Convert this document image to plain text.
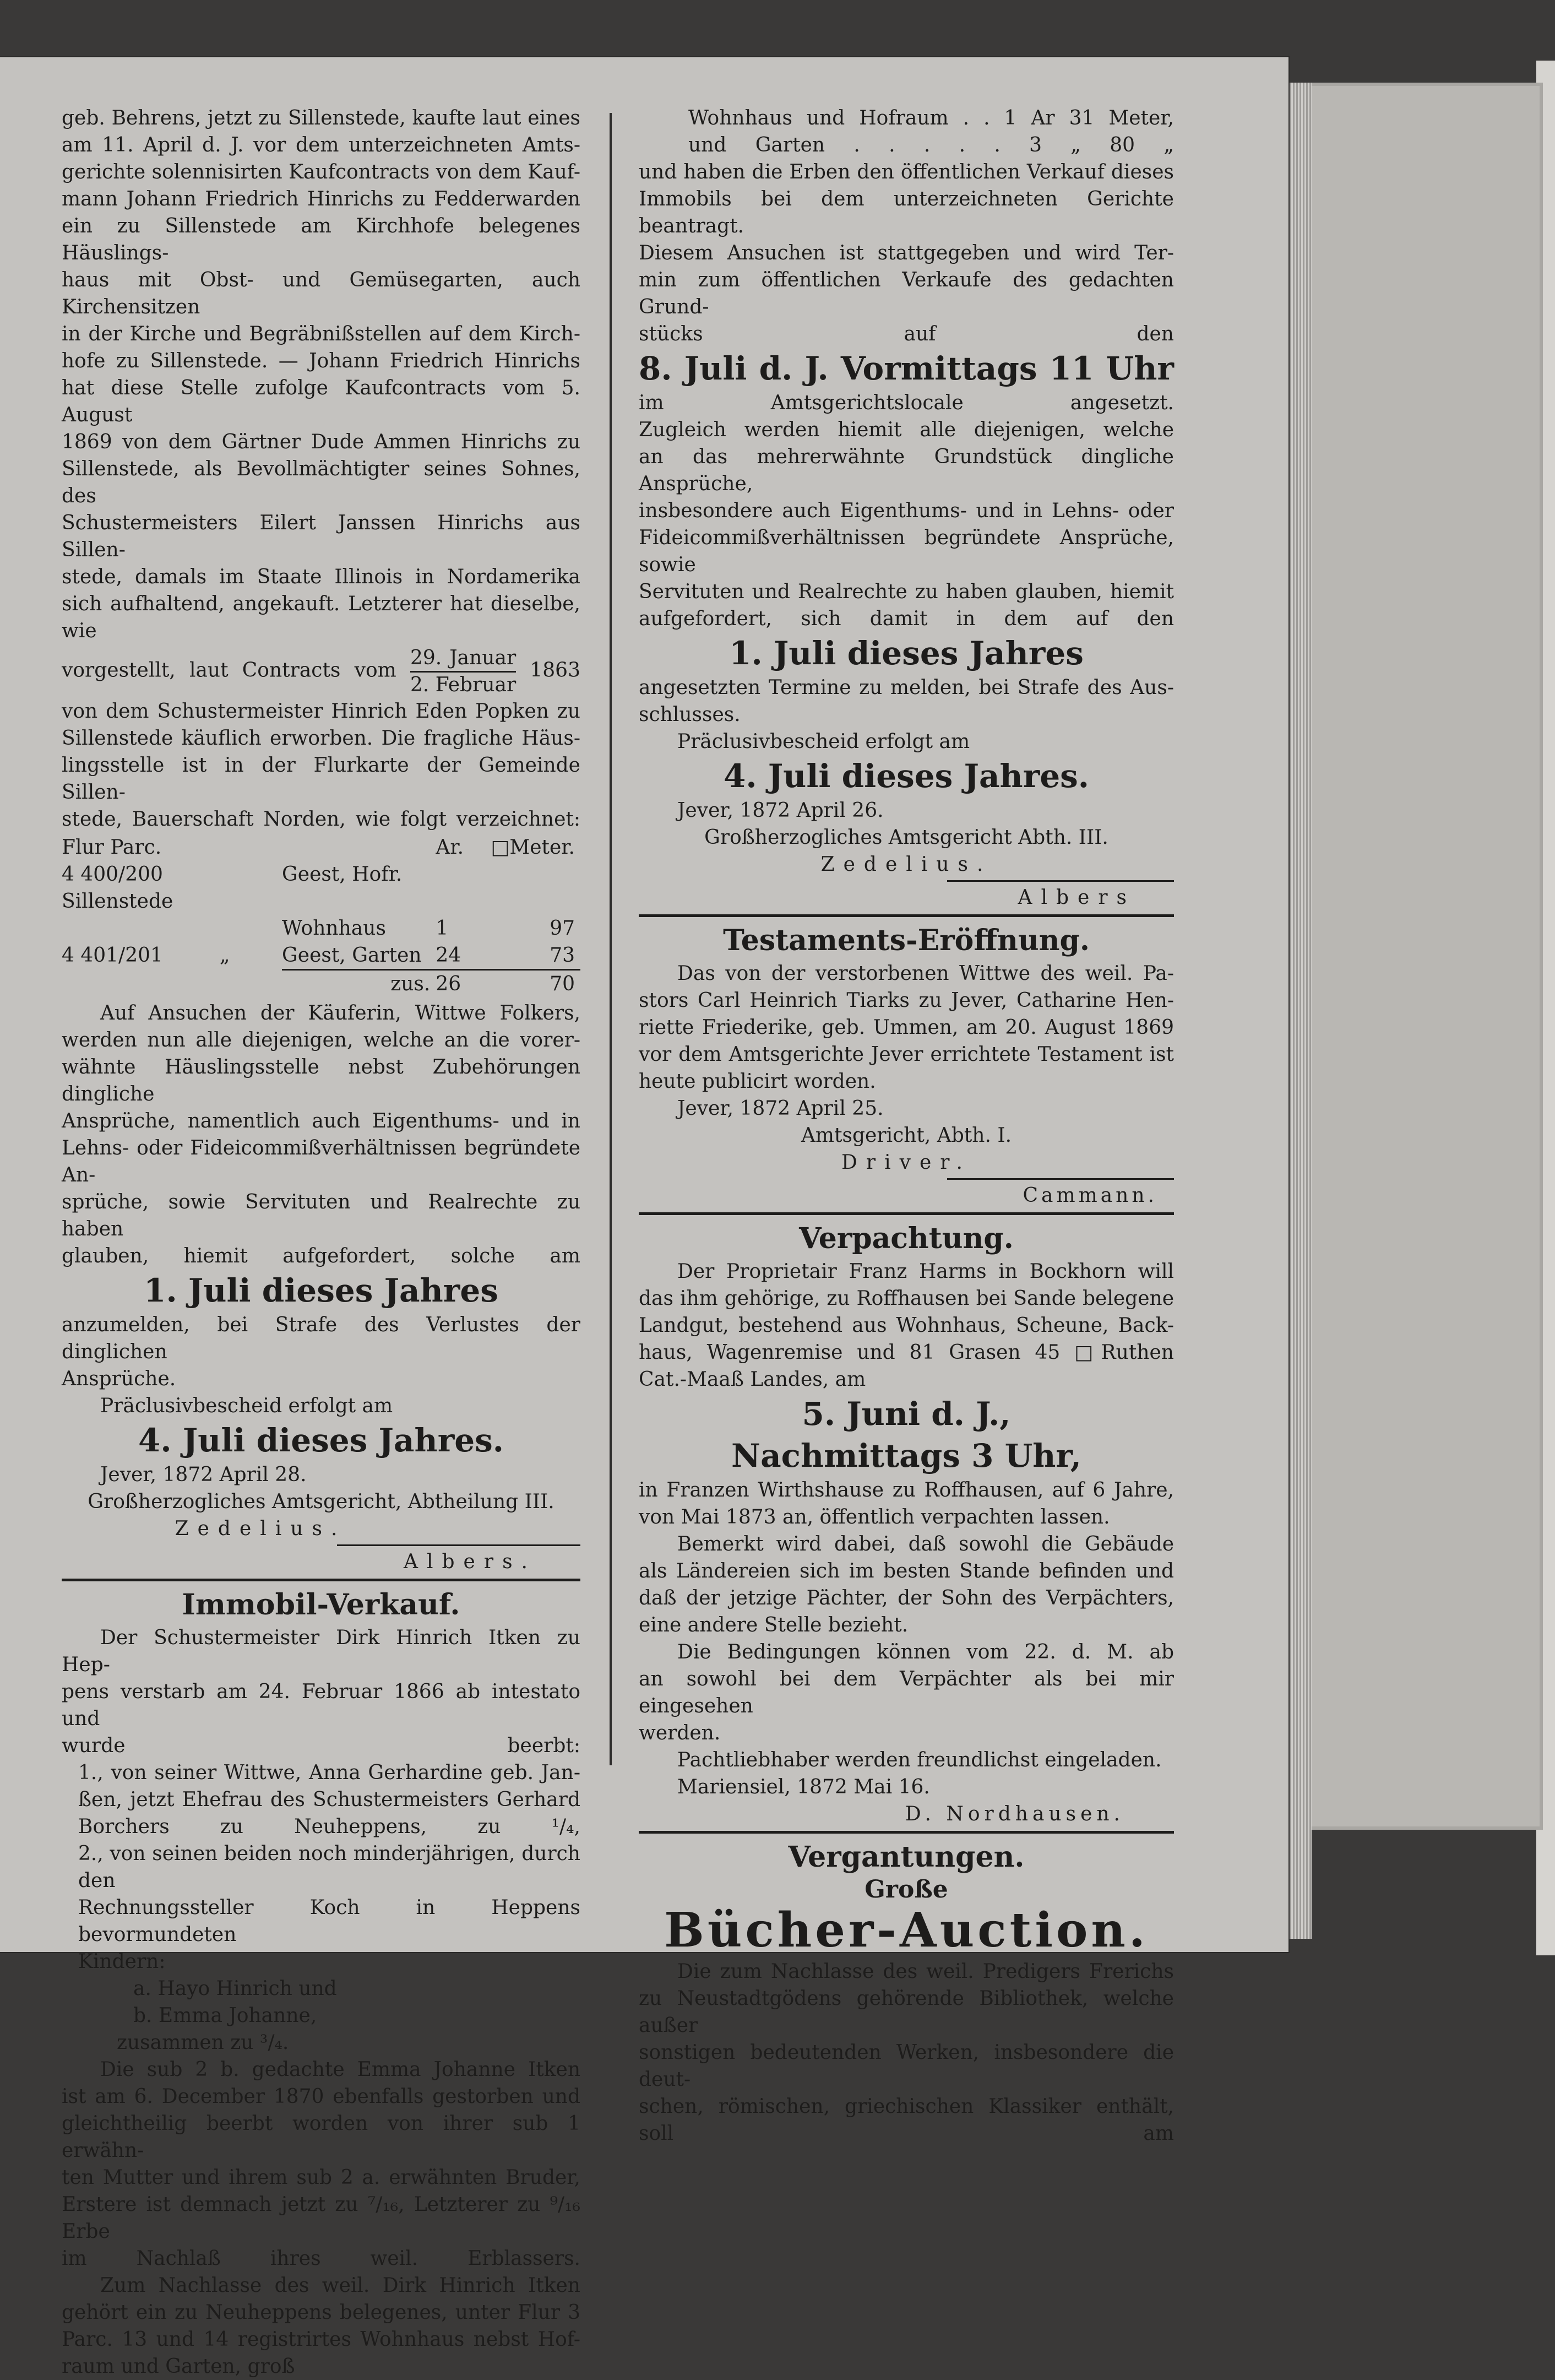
geb. Behrens, jetzt zu Sillenstede, kaufte laut eines

am 11. April d. J. vor dem unterzeichneten Amts-

gerichte solennisirten Kaufcontracts von dem Kauf-

mann Johann Friedrich Hinrichs zu Fedderwarden

ein zu Sillenstede am Kirchhofe belegenes Häuslings-

haus mit Obst- und Gemüsegarten, auch Kirchensitzen

in der Kirche und Begräbnißstellen auf dem Kirch-

hofe zu Sillenstede. — Johann Friedrich Hinrichs

hat diese Stelle zufolge Kaufcontracts vom 5. August

1869 von dem Gärtner Dude Ammen Hinrichs zu

Sillenstede, als Bevollmächtigter seines Sohnes, des

Schustermeisters Eilert Janssen Hinrichs aus Sillen-

stede, damals im Staate Illinois in Nordamerika

sich aufhaltend, angekauft. Letzterer hat dieselbe, wie

vorgestellt, laut Contracts vom $\frac{\text{29. Januar}}{\text{2. Februar}} 1863$

von dem Schustermeister Hinrich Eden Popken zu

Sillenstede käuflich erworben. Die fragliche Häus-

lingsstelle ist in der Flurkarte der Gemeinde Sillen-

stede, Bauerschaft Norden, wie folgt verzeichnet:

Flur Parc.		Ar.	□Meter.
4 400/200 Sillenstede	Geest, Hofr.		
	Wohnhaus	1	97
4 401/201 „	Geest, Garten	24	73
	zus.	26	70

Auf Ansuchen der Käuferin, Wittwe Folkers,

werden nun alle diejenigen, welche an die vorer-

wähnte Häuslingsstelle nebst Zubehörungen dingliche

Ansprüche, namentlich auch Eigenthums- und in

Lehns- oder Fideicommißverhältnissen begründete An-

sprüche, sowie Servituten und Realrechte zu haben

glauben, hiemit aufgefordert, solche am

1. Juli dieses Jahres

anzumelden, bei Strafe des Verlustes der dinglichen

Ansprüche.

Präclusivbescheid erfolgt am

4. Juli dieses Jahres.

Jever, 1872 April 28.

Großherzogliches Amtsgericht, Abtheilung III.

Zedelius.

Albers.

Immobil-Verkauf.

Der Schustermeister Dirk Hinrich Itken zu Hep-

pens verstarb am 24. Februar 1866 ab intestato und

wurde beerbt:

1., von seiner Wittwe, Anna Gerhardine geb. Jan-

ßen, jetzt Ehefrau des Schustermeisters Gerhard

Borchers zu Neuheppens, zu ¹/₄,

2., von seinen beiden noch minderjährigen, durch den

Rechnungssteller Koch in Heppens bevormundeten

Kindern:

a. Hayo Hinrich und

b. Emma Johanne,

zusammen zu ³/₄.

Die sub 2 b. gedachte Emma Johanne Itken

ist am 6. December 1870 ebenfalls gestorben und

gleichtheilig beerbt worden von ihrer sub 1 erwähn-

ten Mutter und ihrem sub 2 a. erwähnten Bruder,

Erstere ist demnach jetzt zu ⁷/₁₆, Letzterer zu ⁹/₁₆ Erbe

im Nachlaß ihres weil. Erblassers.

Zum Nachlasse des weil. Dirk Hinrich Itken

gehört ein zu Neuheppens belegenes, unter Flur 3

Parc. 13 und 14 registrirtes Wohnhaus nebst Hof-

raum und Garten, groß

Wohnhaus und Hofraum . . 1 Ar 31 Meter,

und Garten . . . . . 3 „ 80 „

und haben die Erben den öffentlichen Verkauf dieses

Immobils bei dem unterzeichneten Gerichte beantragt.

Diesem Ansuchen ist stattgegeben und wird Ter-

min zum öffentlichen Verkaufe des gedachten Grund-

stücks auf den

8. Juli d. J. Vormittags 11 Uhr

im Amtsgerichtslocale angesetzt.

Zugleich werden hiemit alle diejenigen, welche

an das mehrerwähnte Grundstück dingliche Ansprüche,

insbesondere auch Eigenthums- und in Lehns- oder

Fideicommißverhältnissen begründete Ansprüche, sowie

Servituten und Realrechte zu haben glauben, hiemit

aufgefordert, sich damit in dem auf den

1. Juli dieses Jahres

angesetzten Termine zu melden, bei Strafe des Aus-

schlusses.

Präclusivbescheid erfolgt am

4. Juli dieses Jahres.

Jever, 1872 April 26.

Großherzogliches Amtsgericht Abth. III.

Zedelius.

Albers

Testaments-Eröffnung.

Das von der verstorbenen Wittwe des weil. Pa-

stors Carl Heinrich Tiarks zu Jever, Catharine Hen-

riette Friederike, geb. Ummen, am 20. August 1869

vor dem Amtsgerichte Jever errichtete Testament ist

heute publicirt worden.

Jever, 1872 April 25.

Amtsgericht, Abth. I.

Driver.

Cammann.

Verpachtung.

Der Proprietair Franz Harms in Bockhorn will

das ihm gehörige, zu Roffhausen bei Sande belegene

Landgut, bestehend aus Wohnhaus, Scheune, Back-

haus, Wagenremise und 81 Grasen 45 □Ruthen

Cat.-Maaß Landes, am

5. Juni d. J.,

Nachmittags 3 Uhr,

in Franzen Wirthshause zu Roffhausen, auf 6 Jahre,

von Mai 1873 an, öffentlich verpachten lassen.

Bemerkt wird dabei, daß sowohl die Gebäude

als Ländereien sich im besten Stande befinden und

daß der jetzige Pächter, der Sohn des Verpächters,

eine andere Stelle bezieht.

Die Bedingungen können vom 22. d. M. ab

an sowohl bei dem Verpächter als bei mir eingesehen

werden.

Pachtliebhaber werden freundlichst eingeladen.

Mariensiel, 1872 Mai 16.

D. Nordhausen.

Vergantungen.

Große

Bücher-Auction.

Die zum Nachlasse des weil. Predigers Frerichs

zu Neustadtgödens gehörende Bibliothek, welche außer

sonstigen bedeutenden Werken, insbesondere die deut-

schen, römischen, griechischen Klassiker enthält, soll am
